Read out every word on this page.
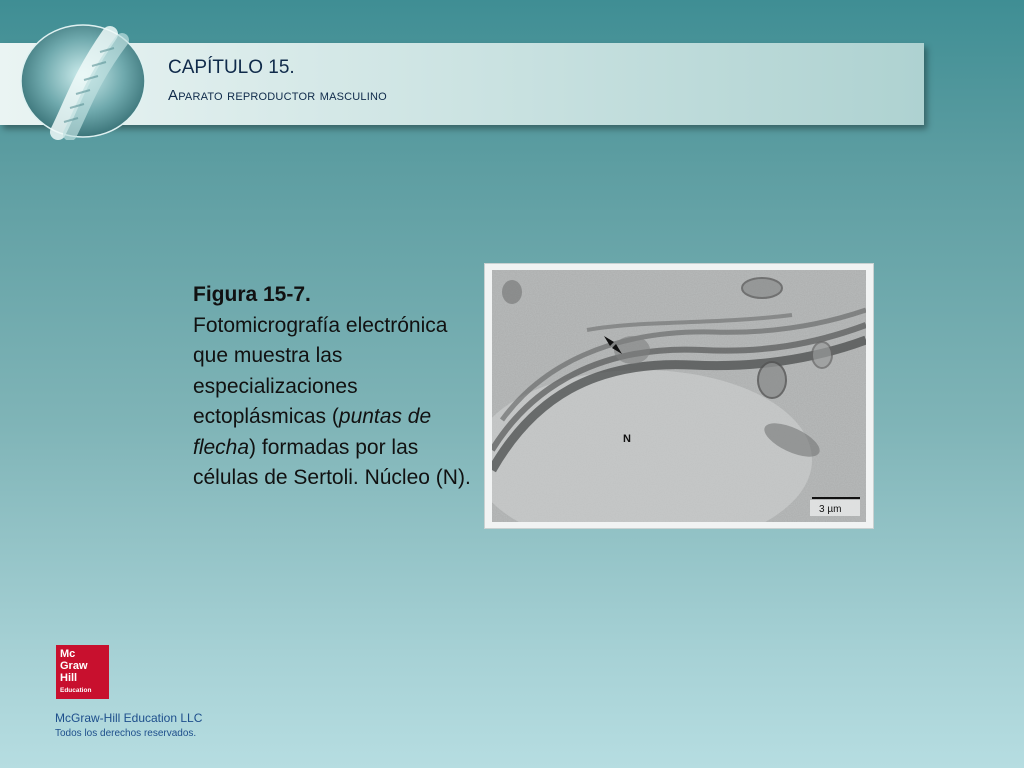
CAPÍTULO 15.
Aparato reproductor masculino
Figura 15-7.
Fotomicrografía electrónica que muestra las especializaciones ectoplásmicas (puntas de flecha) formadas por las células de Sertoli. Núcleo (N).
N
3 µm
Mc
Graw
Hill
Education
McGraw-Hill Education LLC
Todos los derechos reservados.
